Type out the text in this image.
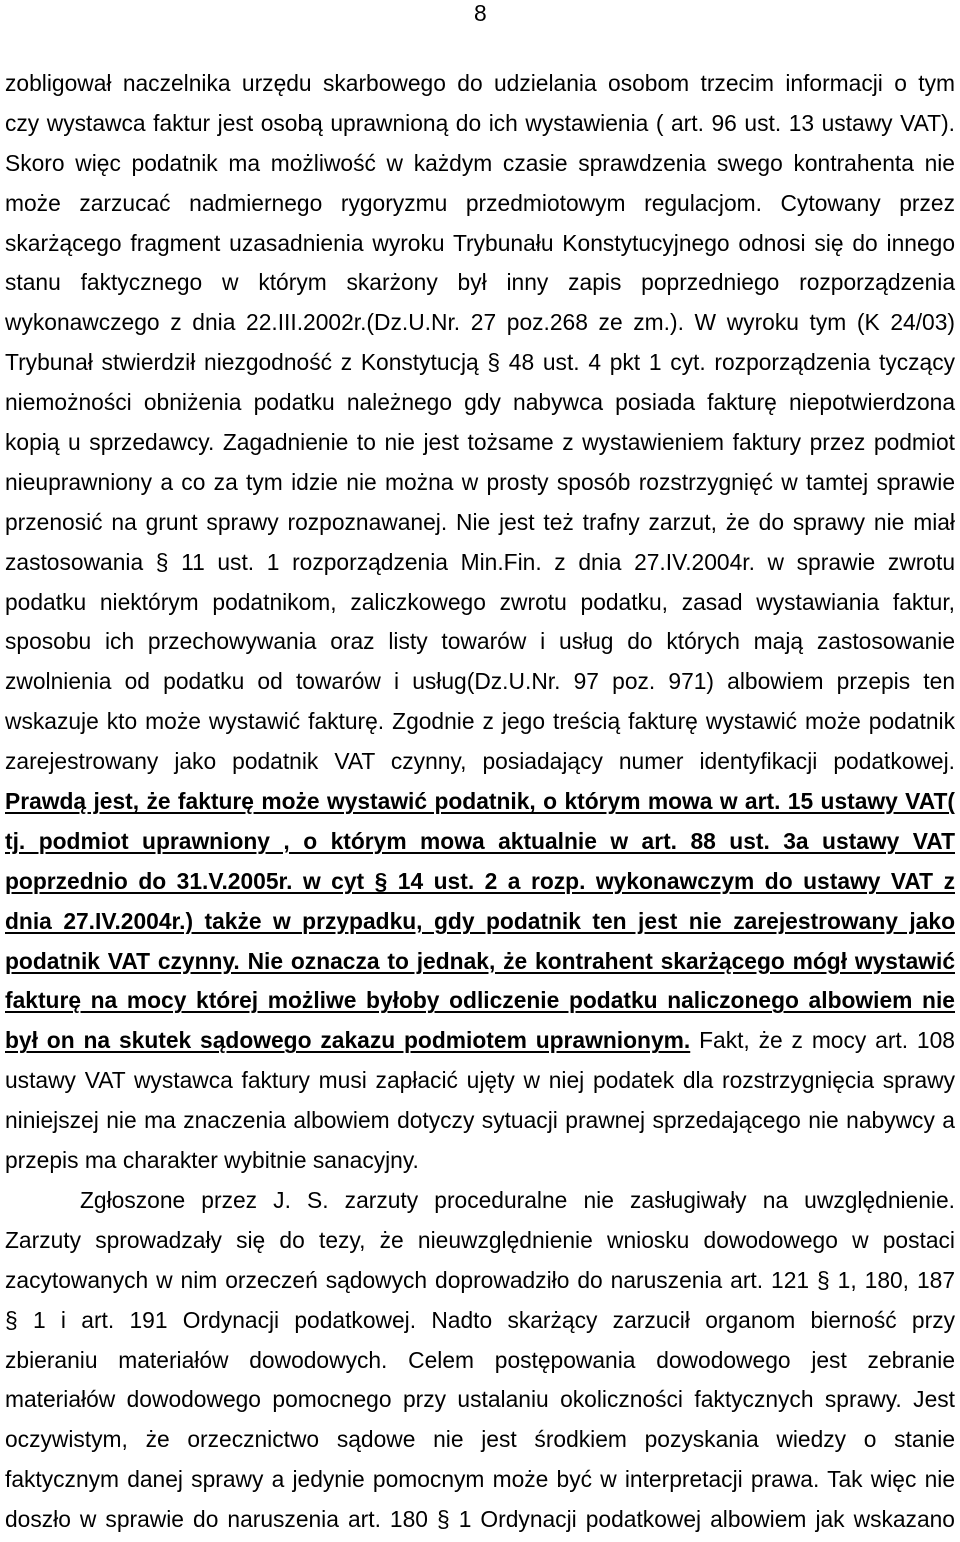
8
zobligował naczelnika urzędu skarbowego do udzielania osobom trzecim informacji o tym
czy wystawca faktur jest osobą uprawnioną do ich wystawienia ( art. 96 ust. 13 ustawy VAT).
Skoro więc podatnik ma możliwość w każdym czasie sprawdzenia swego kontrahenta nie
może zarzucać nadmiernego rygoryzmu przedmiotowym regulacjom. Cytowany przez
skarżącego fragment uzasadnienia wyroku Trybunału Konstytucyjnego odnosi się do innego
stanu faktycznego w którym skarżony był inny zapis poprzedniego rozporządzenia
wykonawczego z dnia 22.III.2002r.(Dz.U.Nr. 27 poz.268 ze zm.). W wyroku tym (K 24/03)
Trybunał stwierdził niezgodność z Konstytucją § 48 ust. 4 pkt 1 cyt. rozporządzenia tyczący
niemożności obniżenia podatku należnego gdy nabywca posiada fakturę niepotwierdzona
kopią u sprzedawcy. Zagadnienie to nie jest tożsame z wystawieniem faktury przez podmiot
nieuprawniony a co za tym idzie nie można w prosty sposób rozstrzygnięć w tamtej sprawie
przenosić na grunt sprawy rozpoznawanej. Nie jest też trafny zarzut, że do sprawy nie miał
zastosowania § 11 ust. 1 rozporządzenia Min.Fin. z dnia 27.IV.2004r. w sprawie zwrotu
podatku niektórym podatnikom, zaliczkowego zwrotu podatku, zasad wystawiania faktur,
sposobu ich przechowywania oraz listy towarów i usług do których mają zastosowanie
zwolnienia od podatku od towarów i usług(Dz.U.Nr. 97 poz. 971) albowiem przepis ten
wskazuje kto może wystawić fakturę. Zgodnie z jego treścią fakturę wystawić może podatnik
zarejestrowany jako podatnik VAT czynny, posiadający numer identyfikacji podatkowej.
Prawdą jest, że fakturę może wystawić podatnik, o którym mowa w art. 15 ustawy VAT(
tj. podmiot uprawniony , o którym mowa aktualnie w art. 88 ust. 3a ustawy VAT
poprzednio do 31.V.2005r. w cyt § 14 ust. 2 a rozp. wykonawczym do ustawy VAT z
dnia 27.IV.2004r.) także w przypadku, gdy podatnik ten jest nie zarejestrowany jako
podatnik VAT czynny. Nie oznacza to jednak, że kontrahent skarżącego mógł wystawić
fakturę na mocy której możliwe byłoby odliczenie podatku naliczonego albowiem nie
był on na skutek sądowego zakazu podmiotem uprawnionym. Fakt, że z mocy art. 108
ustawy VAT wystawca faktury musi zapłacić ujęty w niej podatek dla rozstrzygnięcia sprawy
niniejszej nie ma znaczenia albowiem dotyczy sytuacji prawnej sprzedającego nie nabywcy a
przepis ma charakter wybitnie sanacyjny.
Zgłoszone przez J. S. zarzuty proceduralne nie zasługiwały na uwzględnienie.
Zarzuty sprowadzały się do tezy, że nieuwzględnienie wniosku dowodowego w postaci
zacytowanych w nim orzeczeń sądowych doprowadziło do naruszenia art. 121 § 1, 180, 187
§ 1 i art. 191 Ordynacji podatkowej. Nadto skarżący zarzucił organom bierność przy
zbieraniu materiałów dowodowych. Celem postępowania dowodowego jest zebranie
materiałów dowodowego pomocnego przy ustalaniu okoliczności faktycznych sprawy. Jest
oczywistym, że orzecznictwo sądowe nie jest środkiem pozyskania wiedzy o stanie
faktycznym danej sprawy a jedynie pomocnym może być w interpretacji prawa. Tak więc nie
doszło w sprawie do naruszenia art. 180 § 1 Ordynacji podatkowej albowiem jak wskazano
